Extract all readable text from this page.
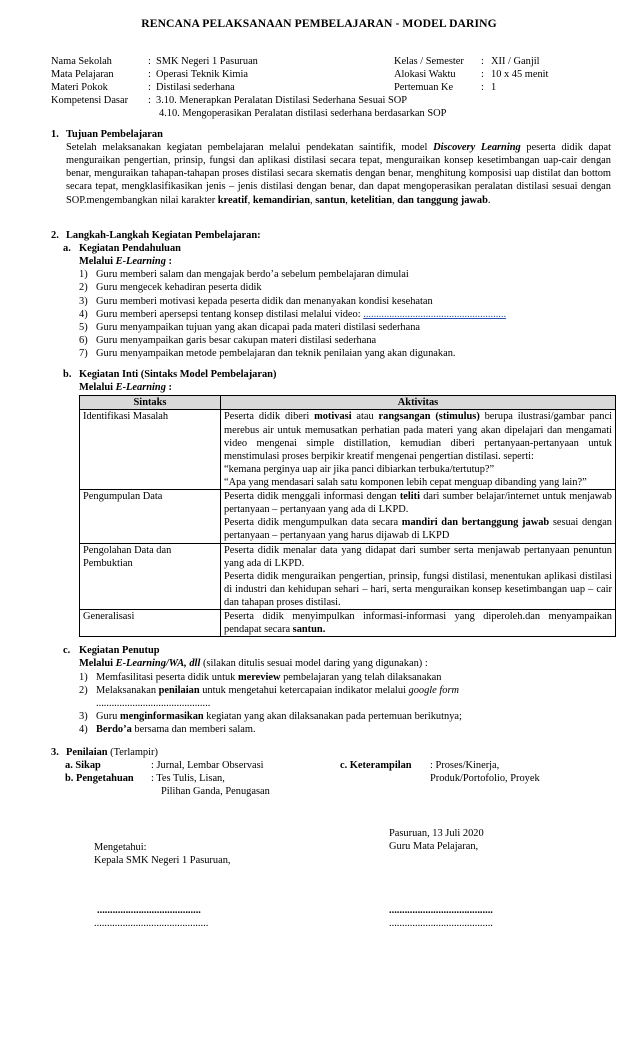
RENCANA PELAKSANAAN PEMBELAJARAN - MODEL DARING
Nama Sekolah	: SMK Negeri 1 Pasuruan	Kelas / Semester	: XII / Ganjil
Mata Pelajaran	: Operasi Teknik Kimia	Alokasi Waktu	: 10 x 45 menit
Materi Pokok	: Distilasi sederhana	Pertemuan Ke	: 1
Kompetensi Dasar	: 3.10. Menerapkan Peralatan Distilasi Sederhana Sesuai SOP
4.10. Mengoperasikan Peralatan distilasi sederhana berdasarkan SOP
1. Tujuan Pembelajaran
Setelah melaksanakan kegiatan pembelajaran melalui pendekatan saintifik, model Discovery Learning peserta didik dapat menguraikan pengertian, prinsip, fungsi dan aplikasi distilasi secara tepat, menguraikan konsep kesetimbangan uap-cair dengan benar, menguraikan tahapan-tahapan proses distilasi secara skematis dengan benar, menghitung komposisi uap distilat dan bottom secara tepat, mengklasifikasikan jenis – jenis distilasi dengan benar, dan dapat mengoperasikan peralatan distilasi sesuai dengan SOP.mengembangkan nilai karakter kreatif, kemandirian, santun, ketelitian, dan tanggung jawab.
2. Langkah-Langkah Kegiatan Pembelajaran:
a. Kegiatan Pendahuluan
Melalui E-Learning :
1) Guru memberi salam dan mengajak berdo’a sebelum pembelajaran dimulai
2) Guru mengecek kehadiran peserta didik
3) Guru memberi motivasi kepada peserta didik dan menanyakan kondisi kesehatan
4) Guru memberi apersepsi tentang konsep distilasi melalui video: .......................................................
5) Guru menyampaikan tujuan yang akan dicapai pada materi distilasi sederhana
6) Guru menyampaikan garis besar cakupan materi distilasi sederhana
7) Guru menyampaikan metode pembelajaran dan teknik penilaian yang akan digunakan.
b. Kegiatan Inti (Sintaks Model Pembelajaran)
Melalui E-Learning :
Sintaks	Aktivitas
Identifikasi Masalah	Peserta didik diberi motivasi atau rangsangan (stimulus) berupa ilustrasi/gambar panci merebus air untuk memusatkan perhatian pada materi yang akan dipelajari dan mengamati video mengenai simple distillation, kemudian diberi pertanyaan-pertanyaan untuk menstimulasi proses berpikir kreatif mengenai pengertian distilasi. seperti:
“kemana perginya uap air jika panci dibiarkan terbuka/tertutup?”
“Apa yang mendasari salah satu komponen lebih cepat menguap dibanding yang lain?”
Pengumpulan Data	Peserta didik menggali informasi dengan teliti dari sumber belajar/internet untuk menjawab pertanyaan – pertanyaan yang ada di LKPD.
Peserta didik mengumpulkan data secara mandiri dan bertanggung jawab sesuai dengan pertanyaan – pertanyaan yang harus dijawab di LKPD
Pengolahan Data dan
Pembuktian	Peserta didik menalar data yang didapat dari sumber serta menjawab pertanyaan penuntun yang ada di LKPD.
Peserta didik menguraikan pengertian, prinsip, fungsi distilasi, menentukan aplikasi distilasi di industri dan kehidupan sehari – hari, serta menguraikan konsep kesetimbangan uap – cair dan tahapan proses distilasi.
Generalisasi	Peserta didik menyimpulkan informasi-informasi yang diperoleh.dan menyampaikan pendapat secara santun.
c. Kegiatan Penutup
Melalui E-Learning/WA, dll (silakan ditulis sesuai model daring yang digunakan) :
1) Memfasilitasi peserta didik untuk mereview pembelajaran yang telah dilaksanakan
2) Melaksanakan penilaian untuk mengetahui ketercapaian indikator melalui google form
............................................
3) Guru menginformasikan kegiatan yang akan dilaksanakan pada pertemuan berikutnya;
4) Berdo’a bersama dan memberi salam.
3. Penilaian (Terlampir)
a. Sikap	: Jurnal, Lembar Observasi
b. Pengetahuan	: Tes Tulis, Lisan,
Pilihan Ganda, Penugasan
c. Keterampilan	: Proses/Kinerja,
Produk/Portofolio, Proyek
Pasuruan, 13 Juli 2020
Guru Mata Pelajaran,
Mengetahui:
Kepala SMK Negeri 1 Pasuruan,
........................................
............................................
........................................
........................................
